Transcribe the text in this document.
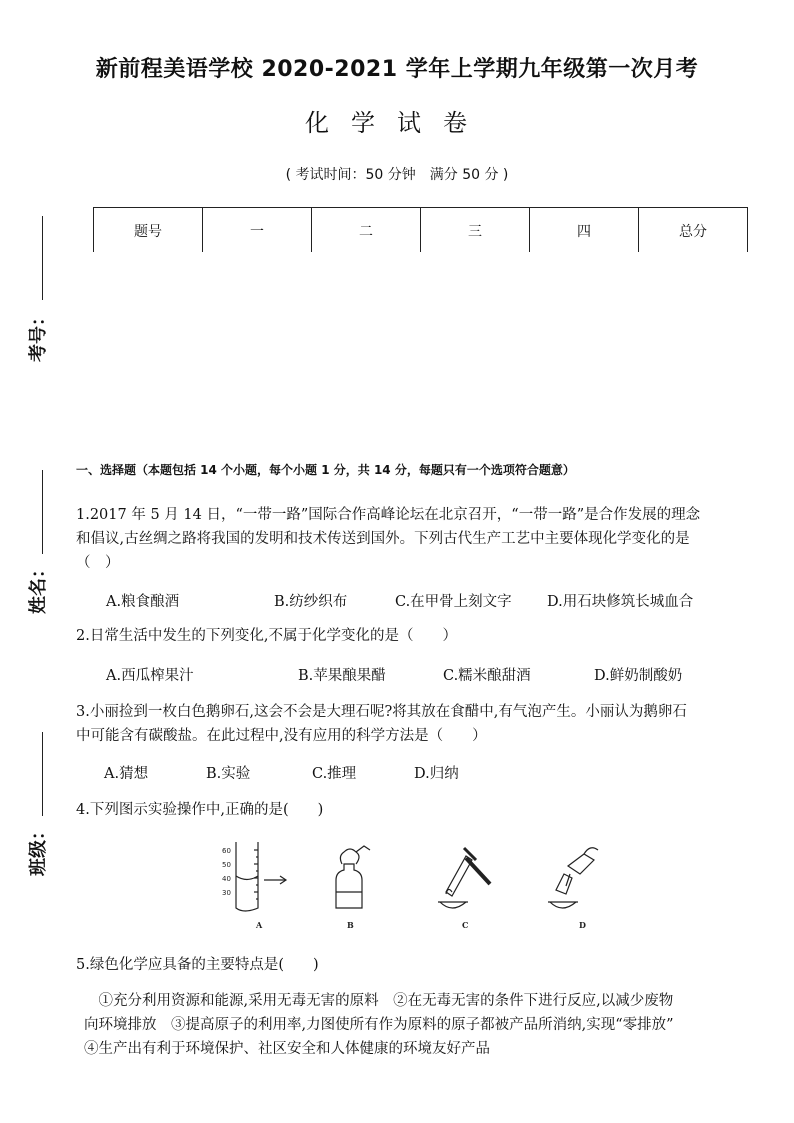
新前程美语学校 2020-2021 学年上学期九年级第一次月考
化学试卷
( 考试时间：50 分钟　满分 50 分 )
题号	一	二	三	四	总分
考号：
姓名：
班级：
一、选择题（本题包括 14 个小题，每个小题 1 分，共 14 分，每题只有一个选项符合题意）
1.2017 年 5 月 14 日，“一带一路”国际合作高峰论坛在北京召开，“一带一路”是合作发展的理念
和倡议,古丝绸之路将我国的发明和技术传送到国外。下列古代生产工艺中主要体现化学变化的是
（　）
A.粮食酿酒	B.纺纱织布	C.在甲骨上刻文字 D.用石块修筑长城血合
2.日常生活中发生的下列变化,不属于化学变化的是（　　）
A.西瓜榨果汁	B.苹果酿果醋	C.糯米酿甜酒	D.鲜奶制酸奶
3.小丽捡到一枚白色鹅卵石,这会不会是大理石呢?将其放在食醋中,有气泡产生。小丽认为鹅卵石
中可能含有碳酸盐。在此过程中,没有应用的科学方法是（　　）
A.猜想	B.实验	C.推理	D.归纳
4.下列图示实验操作中,正确的是(　　)
60
50
40
30
A	B	C	D
5.绿色化学应具备的主要特点是(　　)
　①充分利用资源和能源,采用无毒无害的原料　②在无毒无害的条件下进行反应,以减少废物
向环境排放　③提高原子的利用率,力图使所有作为原料的原子都被产品所消纳,实现“零排放”
④生产出有利于环境保护、社区安全和人体健康的环境友好产品
